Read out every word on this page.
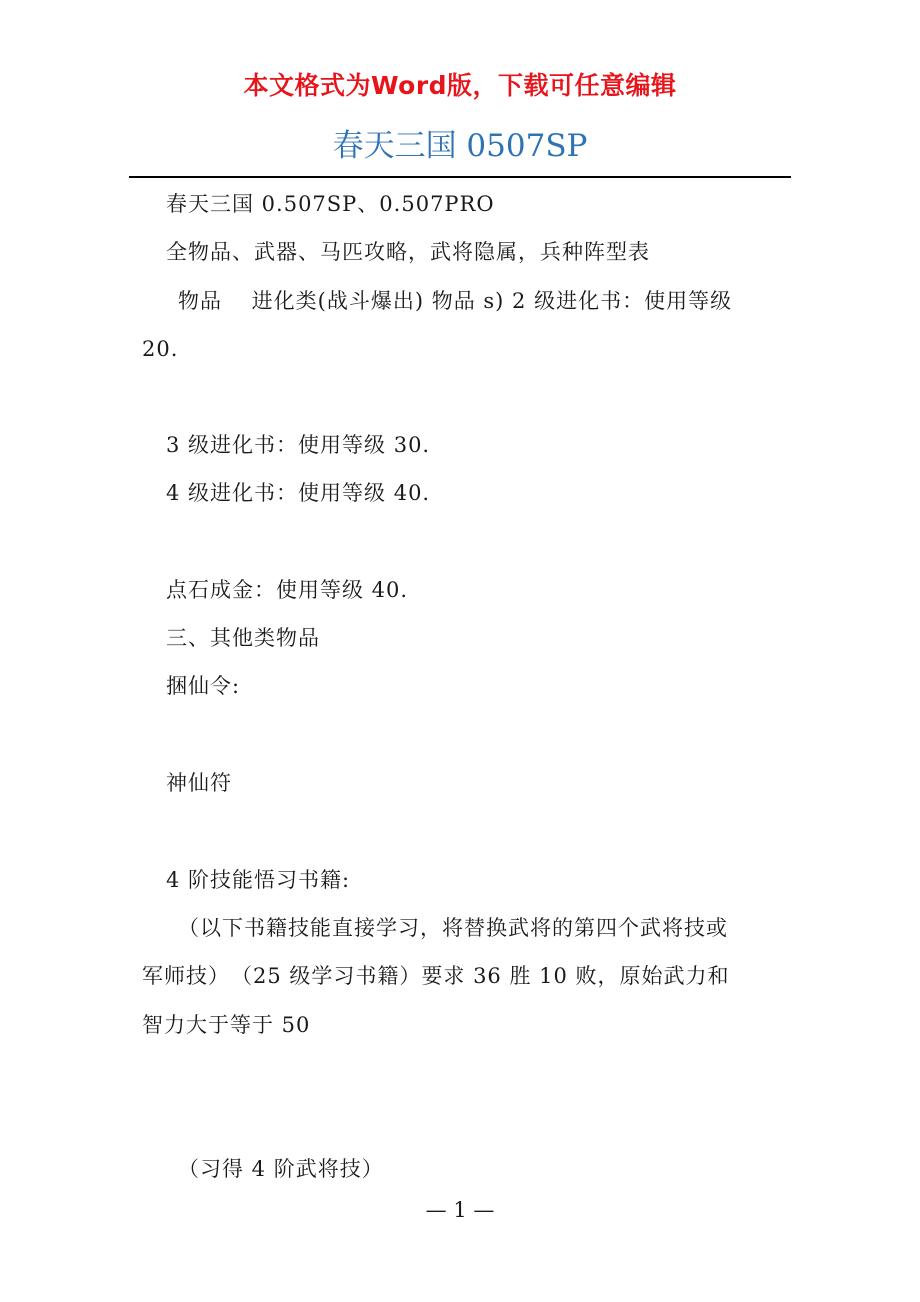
本文格式为Word版，下载可任意编辑
春天三国 0507SP
春天三国 0.507SP、0.507PRO
全物品、武器、马匹攻略，武将隐属，兵种阵型表
物品　 进化类(战斗爆出) 物品 s) 2 级进化书：使用等级
20.
3 级进化书：使用等级 30.
4 级进化书：使用等级 40.
点石成金：使用等级 40.
三、其他类物品
捆仙令:
神仙符
4 阶技能悟习书籍:
（以下书籍技能直接学习，将替换武将的第四个武将技或
军师技）　（25 级学习书籍）要求 36 胜 10 败，原始武力和
智力大于等于 50
（习得 4 阶武将技）
— 1 —
